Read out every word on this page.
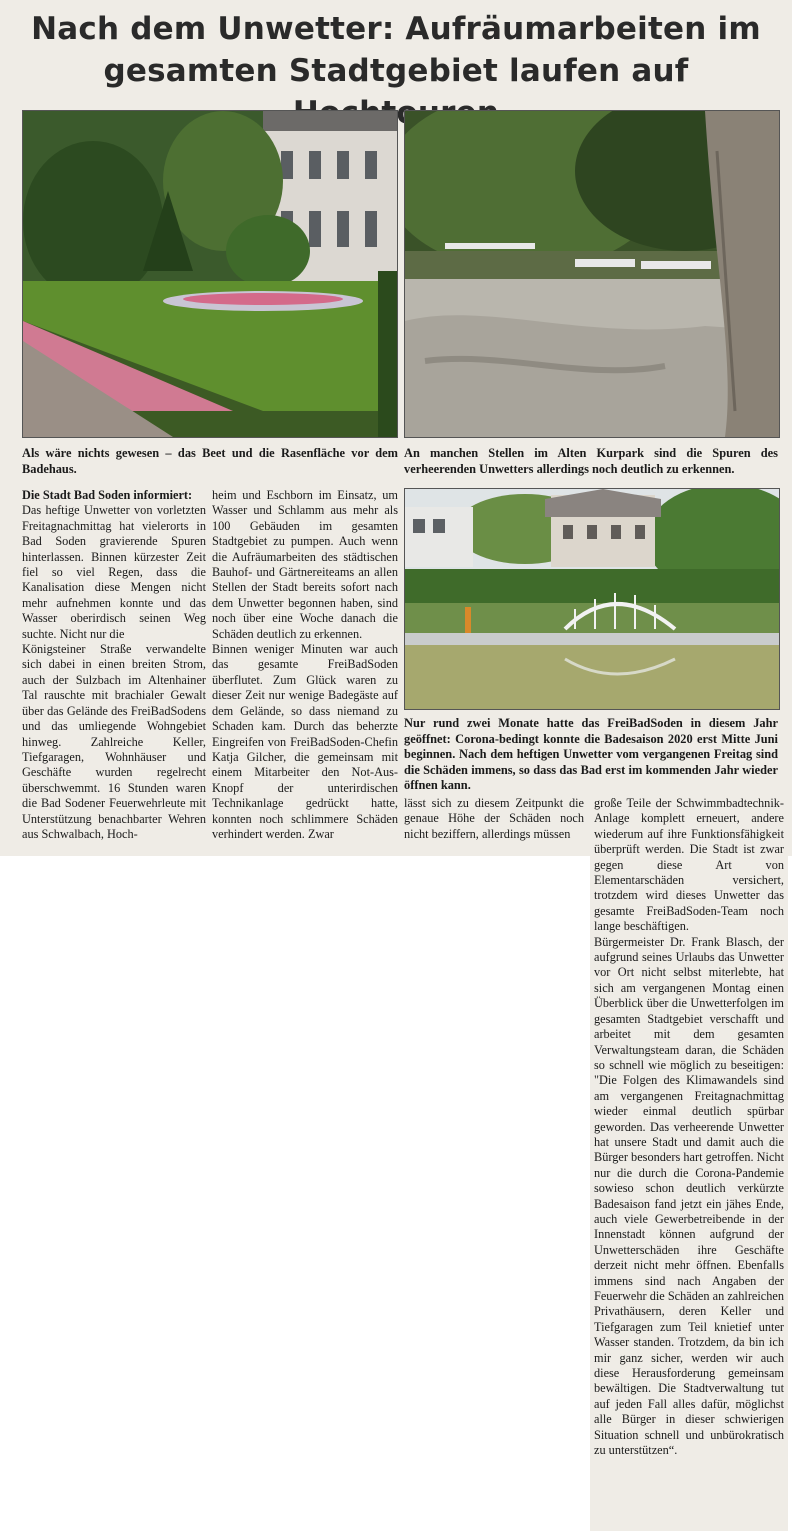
Nach dem Unwetter: Aufräumarbeiten im
gesamten Stadtgebiet laufen auf
Als wäre nichts gewesen – das Beet und die Rasenfläche vor dem Badehaus.
An manchen Stellen im Alten Kurpark sind die Spuren des verheerenden Unwetters allerdings noch deutlich zu erkennen.
Nur rund zwei Monate hatte das FreiBadSoden in diesem Jahr geöffnet: Corona-bedingt konnte die Badesaison 2020 erst Mitte Juni beginnen. Nach dem heftigen Unwetter vom vergangenen Freitag sind die Schäden immens, so dass das Bad erst im kommenden Jahr wieder öffnen kann.
Die Stadt Bad Soden informiert:

Das heftige Unwetter von vorletzten Freitagnachmittag hat vielerorts in Bad Soden gravierende Spuren hinterlassen. Binnen kürzester Zeit fiel so viel Regen, dass die Kanalisation diese Mengen nicht mehr aufnehmen konnte und das Wasser oberirdisch seinen Weg suchte. Nicht nur die

Königsteiner Straße verwandelte sich dabei in einen breiten Strom, auch der Sulzbach im Altenhainer Tal rauschte mit brachialer Gewalt über das Gelände des FreiBadSodens und das umliegende Wohngebiet hinweg. Zahlreiche Keller, Tiefgaragen, Wohnhäuser und Geschäfte wurden regelrecht überschwemmt. 16 Stunden waren die Bad Sodener Feuerwehrleute mit Unterstützung benachbarter Wehren aus Schwalbach, Hoch-

heim und Eschborn im Einsatz, um Wasser und Schlamm aus mehr als 100 Gebäuden im gesamten Stadtgebiet zu pumpen. Auch wenn die Aufräumarbeiten des städtischen Bauhof- und Gärtnereiteams an allen Stellen der Stadt bereits sofort nach dem Unwetter begonnen haben, sind noch über eine Woche danach die Schäden deutlich zu erkennen.

Binnen weniger Minuten war auch das gesamte FreiBadSoden überflutet. Zum Glück waren zu dieser Zeit nur wenige Badegäste auf dem Gelände, so dass niemand zu Schaden kam. Durch das beherzte Eingreifen von FreiBadSoden-Chefin Katja Gilcher, die gemeinsam mit einem Mitarbeiter den Not-Aus-Knopf der unterirdischen Technikanlage gedrückt hatte, konnten noch schlimmere Schäden verhindert werden. Zwar

lässt sich zu diesem Zeitpunkt die genaue Höhe der Schäden noch nicht beziffern, allerdings müssen

große Teile der Schwimmbadtechnik-Anlage komplett erneuert, andere wiederum auf ihre Funktionsfähigkeit überprüft werden. Die Stadt ist zwar gegen diese Art von Elementarschäden versichert, trotzdem wird dieses Unwetter das gesamte FreiBadSoden-Team noch lange beschäftigen.

Bürgermeister Dr. Frank Blasch, der aufgrund seines Urlaubs das Unwetter vor Ort nicht selbst miterlebte, hat sich am vergangenen Montag einen Überblick über die Unwetterfolgen im gesamten Stadtgebiet verschafft und arbeitet mit dem gesamten Verwaltungsteam daran, die Schäden so schnell wie möglich zu beseitigen: "Die Folgen des Klimawandels sind am vergangenen Freitagnachmittag wieder einmal deutlich spürbar geworden. Das verheerende Unwetter hat unsere Stadt und damit auch die Bürger besonders hart getroffen. Nicht nur die durch die Corona-Pandemie sowieso schon deutlich verkürzte Badesaison fand jetzt ein jähes Ende, auch viele Gewerbetreibende in der Innenstadt können aufgrund der Unwetterschäden ihre Geschäfte derzeit nicht mehr öffnen. Ebenfalls immens sind nach Angaben der Feuerwehr die Schäden an zahlreichen Privathäusern, deren Keller und Tiefgaragen zum Teil knietief unter Wasser standen. Trotzdem, da bin ich mir ganz sicher, werden wir auch diese Herausforderung gemeinsam bewältigen. Die Stadtverwaltung tut auf jeden Fall alles dafür, möglichst alle Bürger in dieser schwierigen Situation schnell und unbürokratisch zu unterstützen“.
